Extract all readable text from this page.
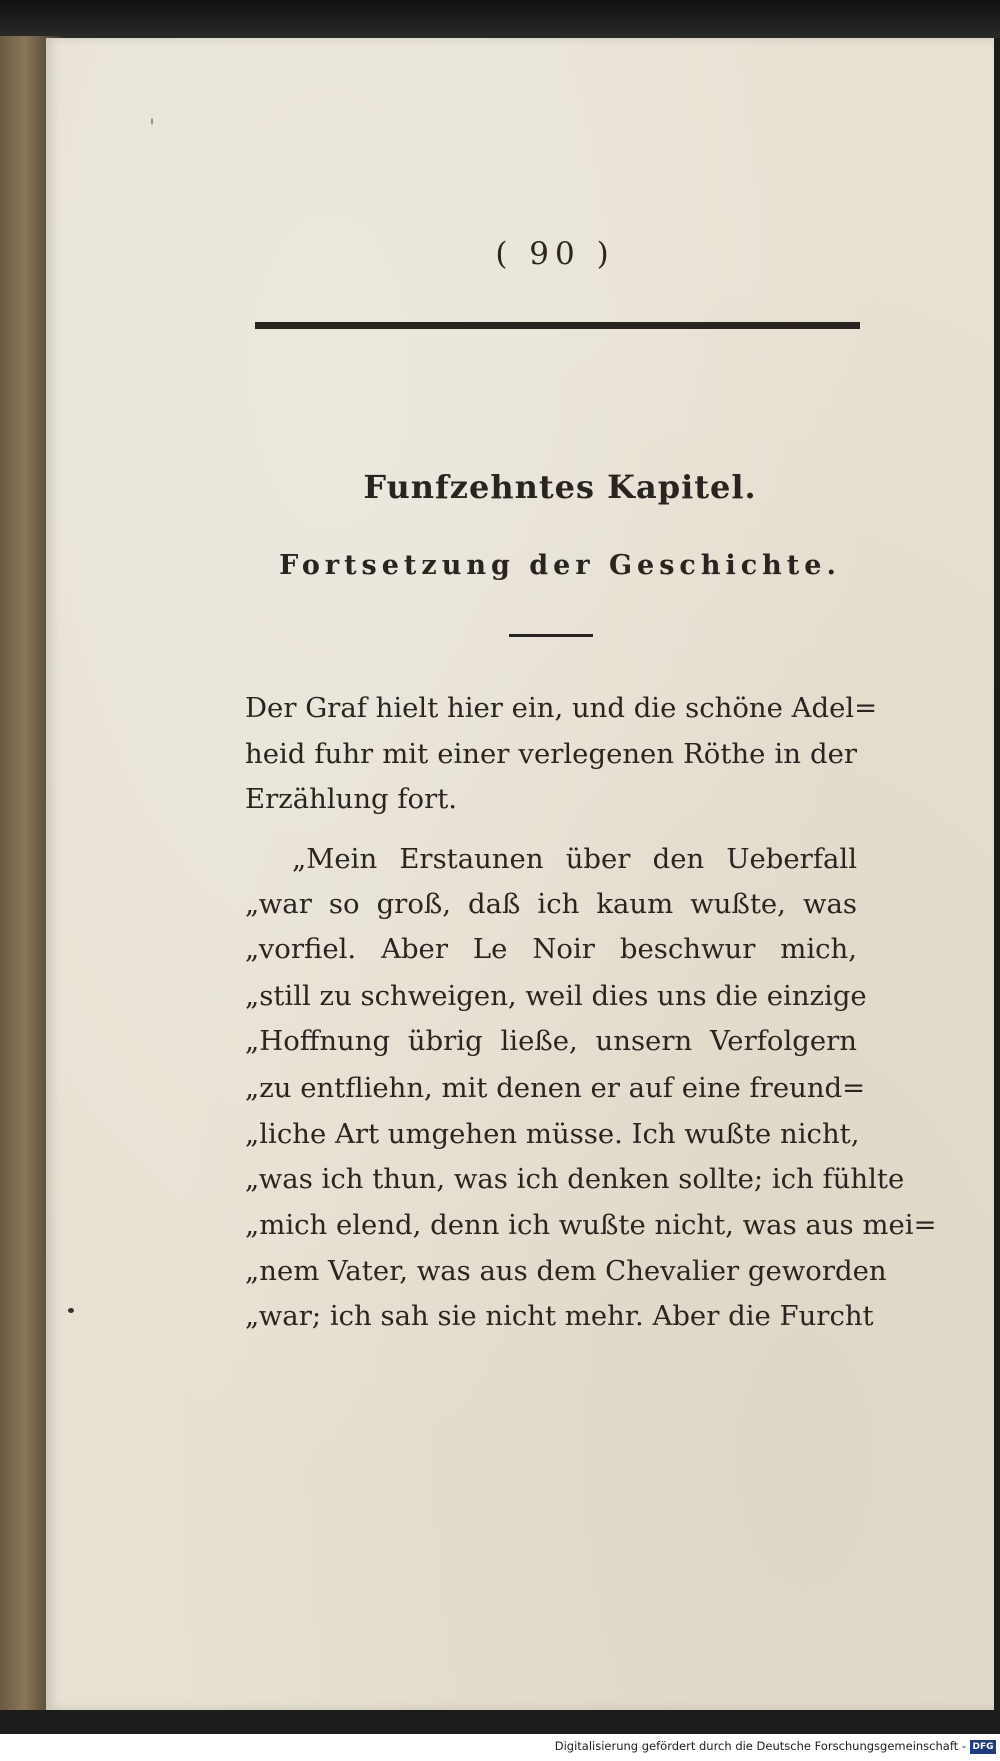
( 90 )
Funfzehntes Kapitel.
Fortsetzung der Geschichte.
Der Graf hielt hier ein, und die schöne Adel=
heid fuhr mit einer verlegenen Röthe in der
Erzählung fort.
„Mein Erstaunen über den Ueberfall
„war so groß, daß ich kaum wußte, was
„vorfiel. Aber Le Noir beschwur mich,
„still zu schweigen, weil dies uns die einzige
„Hoffnung übrig ließe, unsern Verfolgern
„zu entfliehn, mit denen er auf eine freund=
„liche Art umgehen müsse. Ich wußte nicht,
„was ich thun, was ich denken sollte; ich fühlte
„mich elend, denn ich wußte nicht, was aus mei=
„nem Vater, was aus dem Chevalier geworden
„war; ich sah sie nicht mehr. Aber die Furcht
Digitalisierung gefördert durch die Deutsche Forschungsgemeinschaft - DFG
